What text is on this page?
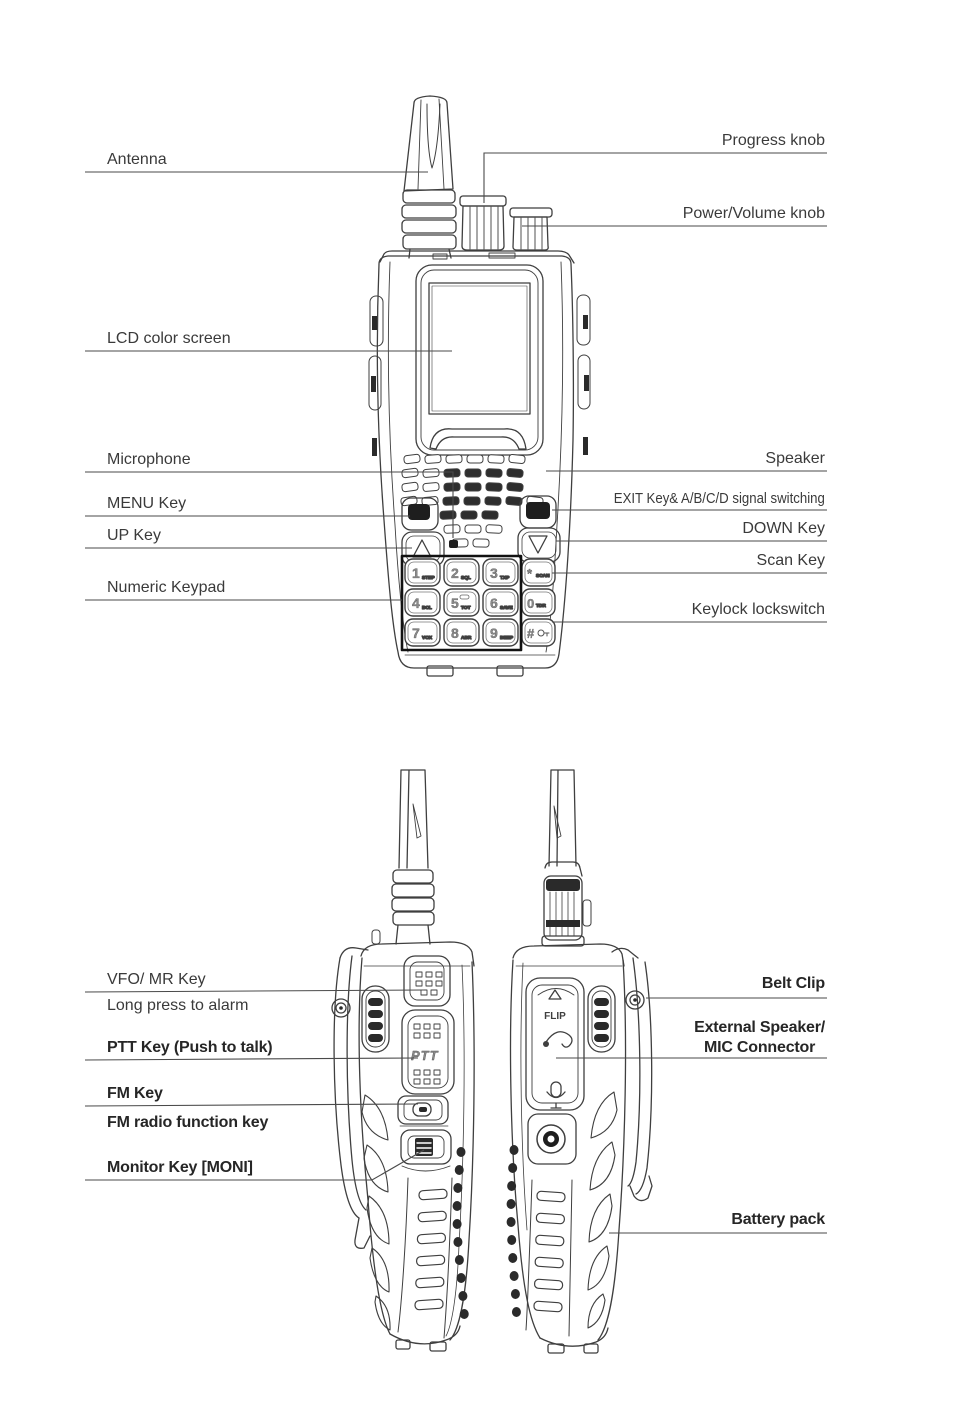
1 STEP 2 SQL 3 TXP
4 BCL 5 TOT 6 SAVE
7 VOX 8 ABR 9 BEEP
* SCAN
0 TDR
#
PTT
FLIP
Antenna
LCD color screen
Microphone
MENU Key
UP Key
Numeric Keypad
Progress knob
Power/Volume knob
Speaker
EXIT Key& A/B/C/D signal switching
DOWN Key
Scan Key
Keylock lockswitch
VFO/ MR Key
Long press to alarm
PTT Key (Push to talk)
FM Key
FM radio function key
Monitor Key [MONI]
Belt Clip
External Speaker/
MIC Connector
Battery pack
